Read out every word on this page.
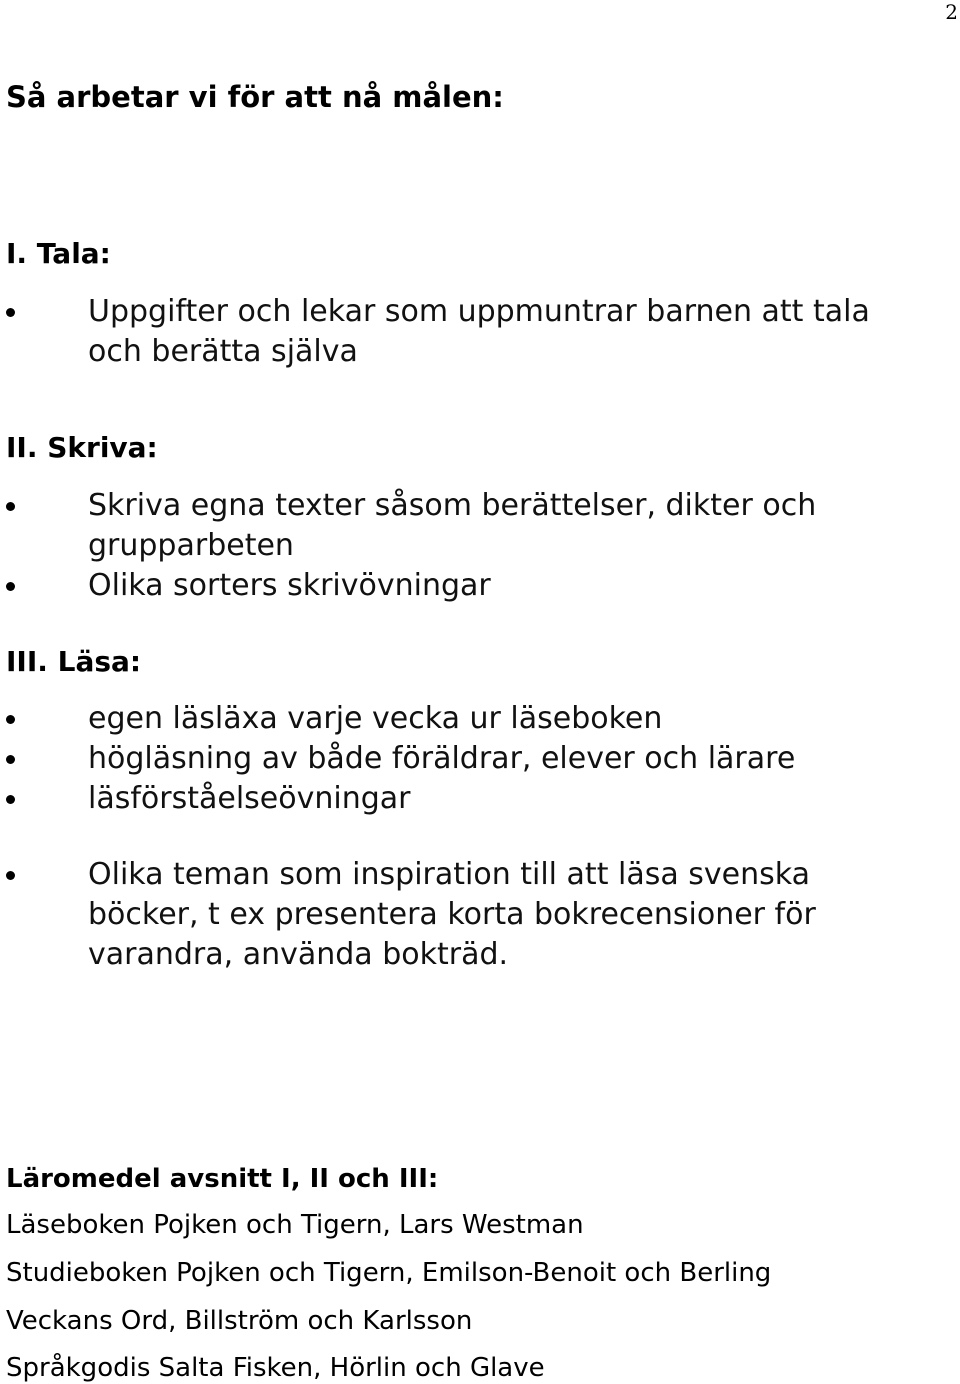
2
Så arbetar vi för att nå målen:
I. Tala:
Uppgifter och lekar som uppmuntrar barnen att tala och berätta själva
II. Skriva:
Skriva egna texter såsom berättelser, dikter och grupparbeten
Olika sorters skrivövningar
III. Läsa:
egen läsläxa varje vecka ur läseboken
högläsning av både föräldrar, elever och lärare
läsförståelseövningar
Olika teman som inspiration till att läsa svenska böcker, t ex presentera korta bokrecensioner för varandra, använda bokträd.
Läromedel avsnitt I, II och III:
Läseboken Pojken och Tigern, Lars Westman
Studieboken Pojken och Tigern, Emilson-Benoit och Berling
Veckans Ord, Billström och Karlsson
Språkgodis Salta Fisken, Hörlin och Glave
